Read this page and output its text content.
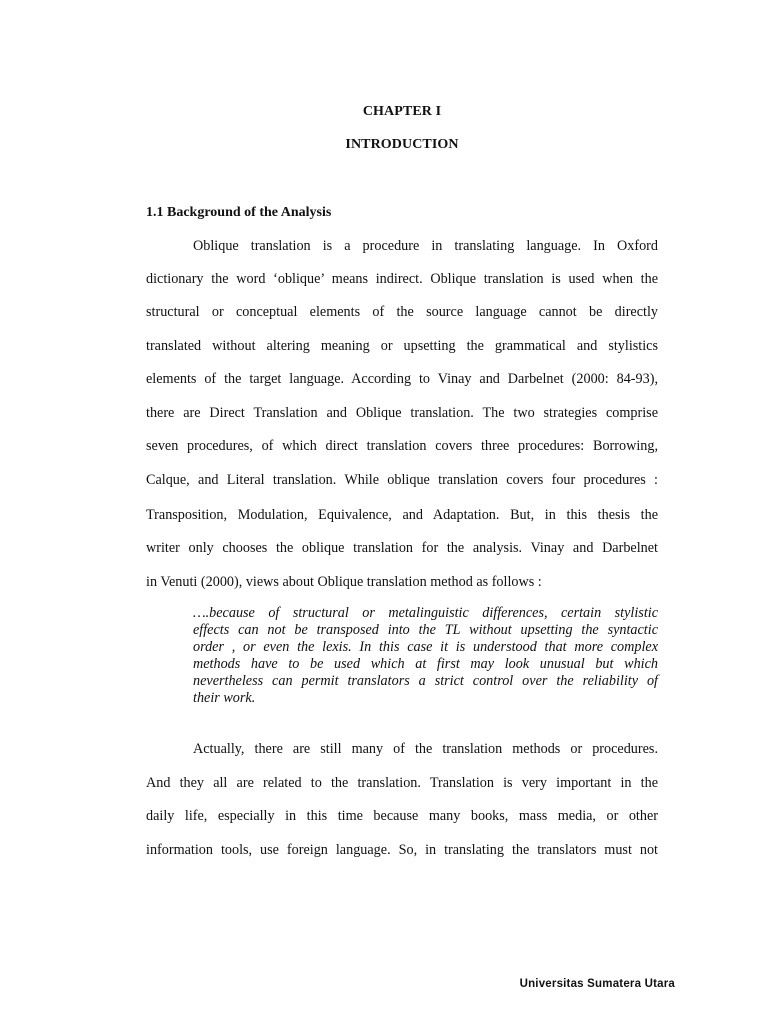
CHAPTER I
INTRODUCTION
1.1 Background of the Analysis
Oblique translation is a procedure in translating language. In Oxford
dictionary the word ‘oblique’ means indirect. Oblique translation is used when the
structural or conceptual elements of the source language cannot be directly
translated without altering meaning or upsetting the grammatical and stylistics
elements of the target language. According to Vinay and Darbelnet (2000: 84-93),
there are Direct Translation and Oblique translation. The two strategies comprise
seven procedures, of which direct translation covers three procedures: Borrowing,
Calque, and Literal translation. While oblique translation covers four procedures :
Transposition, Modulation, Equivalence, and Adaptation. But, in this thesis the
writer only chooses the oblique translation for the analysis. Vinay and Darbelnet
in Venuti (2000), views about Oblique translation method as follows :
….because of structural or metalinguistic differences, certain stylistic
effects can not be transposed into the TL without upsetting the syntactic
order , or even the lexis. In this case it is understood that more complex
methods have to be used which at first may look unusual but which
nevertheless can permit translators a strict control over the reliability of
their work.
Actually, there are still many of the translation methods or procedures.
And they all are related to the translation. Translation is very important in the
daily life, especially in this time because many books, mass media, or other
information tools, use foreign language. So, in translating the translators must not
Universitas Sumatera Utara
